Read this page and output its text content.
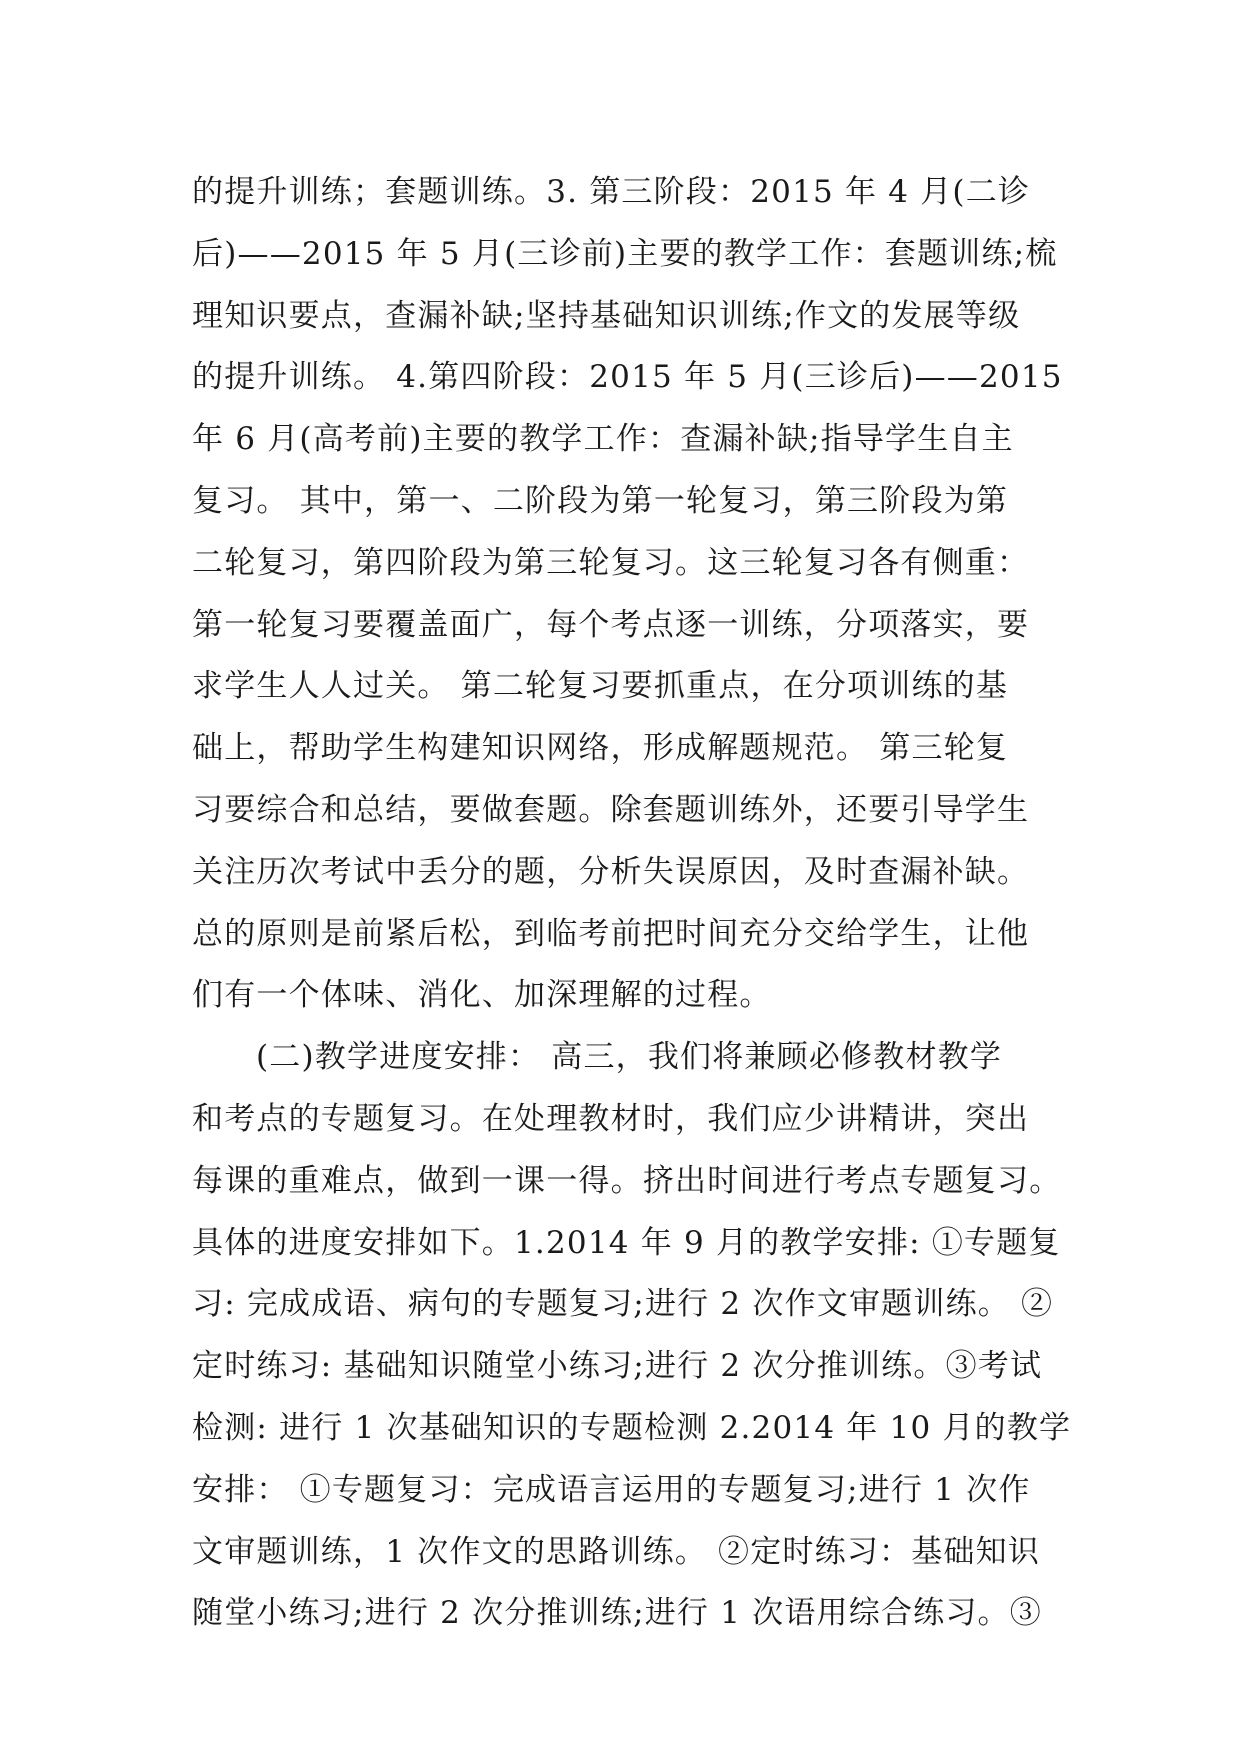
的提升训练；套题训练。3. 第三阶段：2015 年 4 月(二诊
后)——2015 年 5 月(三诊前)主要的教学工作：套题训练;梳
理知识要点，查漏补缺;坚持基础知识训练;作文的发展等级
的提升训练。 4.第四阶段：2015 年 5 月(三诊后)——2015
年 6 月(高考前)主要的教学工作：查漏补缺;指导学生自主
复习。 其中，第一、二阶段为第一轮复习，第三阶段为第
二轮复习，第四阶段为第三轮复习。这三轮复习各有侧重：
第一轮复习要覆盖面广，每个考点逐一训练，分项落实，要
求学生人人过关。 第二轮复习要抓重点，在分项训练的基
础上，帮助学生构建知识网络，形成解题规范。 第三轮复
习要综合和总结，要做套题。除套题训练外，还要引导学生
关注历次考试中丢分的题，分析失误原因，及时查漏补缺。
总的原则是前紧后松，到临考前把时间充分交给学生，让他
们有一个体味、消化、加深理解的过程。
(二)教学进度安排： 高三，我们将兼顾必修教材教学
和考点的专题复习。在处理教材时，我们应少讲精讲，突出
每课的重难点，做到一课一得。挤出时间进行考点专题复习。
具体的进度安排如下。1.2014 年 9 月的教学安排: ①专题复
习: 完成成语、病句的专题复习;进行 2 次作文审题训练。 ②
定时练习: 基础知识随堂小练习;进行 2 次分推训练。③考试
检测: 进行 1 次基础知识的专题检测 2.2014 年 10 月的教学
安排： ①专题复习：完成语言运用的专题复习;进行 1 次作
文审题训练，1 次作文的思路训练。 ②定时练习：基础知识
随堂小练习;进行 2 次分推训练;进行 1 次语用综合练习。③
